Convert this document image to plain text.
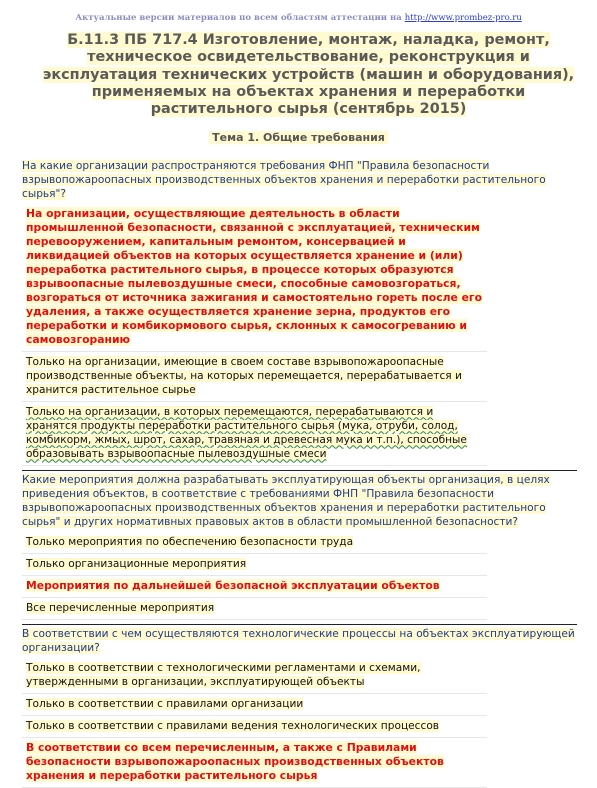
Актуальные версии материалов по всем областям аттестации на http://www.prombez-pro.ru
Б.11.3 ПБ 717.4 Изготовление, монтаж, наладка, ремонт, техническое освидетельствование, реконструкция и эксплуатация технических устройств (машин и оборудования), применяемых на объектах хранения и переработки растительного сырья (сентябрь 2015)
Тема 1. Общие требования
На какие организации распространяются требования ФНП "Правила безопасности взрывопожароопасных производственных объектов хранения и переработки растительного сырья"?
На организации, осуществляющие деятельность в области промышленной безопасности, связанной с эксплуатацией, техническим перевооружением, капитальным ремонтом, консервацией и ликвидацией объектов на которых осуществляется хранение и (или) переработка растительного сырья, в процессе которых образуются взрывоопасные пылевоздушные смеси, способные самовозгораться, возгораться от источника зажигания и самостоятельно гореть после его удаления, а также осуществляется хранение зерна, продуктов его переработки и комбикормового сырья, склонных к самосогреванию и самовозгоранию
Только на организации, имеющие в своем составе взрывопожароопасные производственные объекты, на которых перемещается, перерабатывается и хранится растительное сырье
Только на организации, в которых перемещаются, перерабатываются и хранятся продукты переработки растительного сырья (мука, отруби, солод, комбикорм, жмых, шрот, сахар, травяная и древесная мука и т.п.), способные образовывать взрывоопасные пылевоздушные смеси
Какие мероприятия должна разрабатывать эксплуатирующая объекты организация, в целях приведения объектов, в соответствие с требованиями ФНП "Правила безопасности взрывопожароопасных производственных объектов хранения и переработки растительного сырья" и других нормативных правовых актов в области промышленной безопасности?
Только мероприятия по обеспечению безопасности труда
Только организационные мероприятия
Мероприятия по дальнейшей безопасной эксплуатации объектов
Все перечисленные мероприятия
В соответствии с чем осуществляются технологические процессы на объектах эксплуатирующей организации?
Только в соответствии с технологическими регламентами и схемами, утвержденными в организации, эксплуатирующей объекты
Только в соответствии с правилами организации
Только в соответствии с правилами ведения технологических процессов
В соответствии со всем перечисленным, а также с Правилами безопасности взрывопожароопасных производственных объектов хранения и переработки растительного сырья
